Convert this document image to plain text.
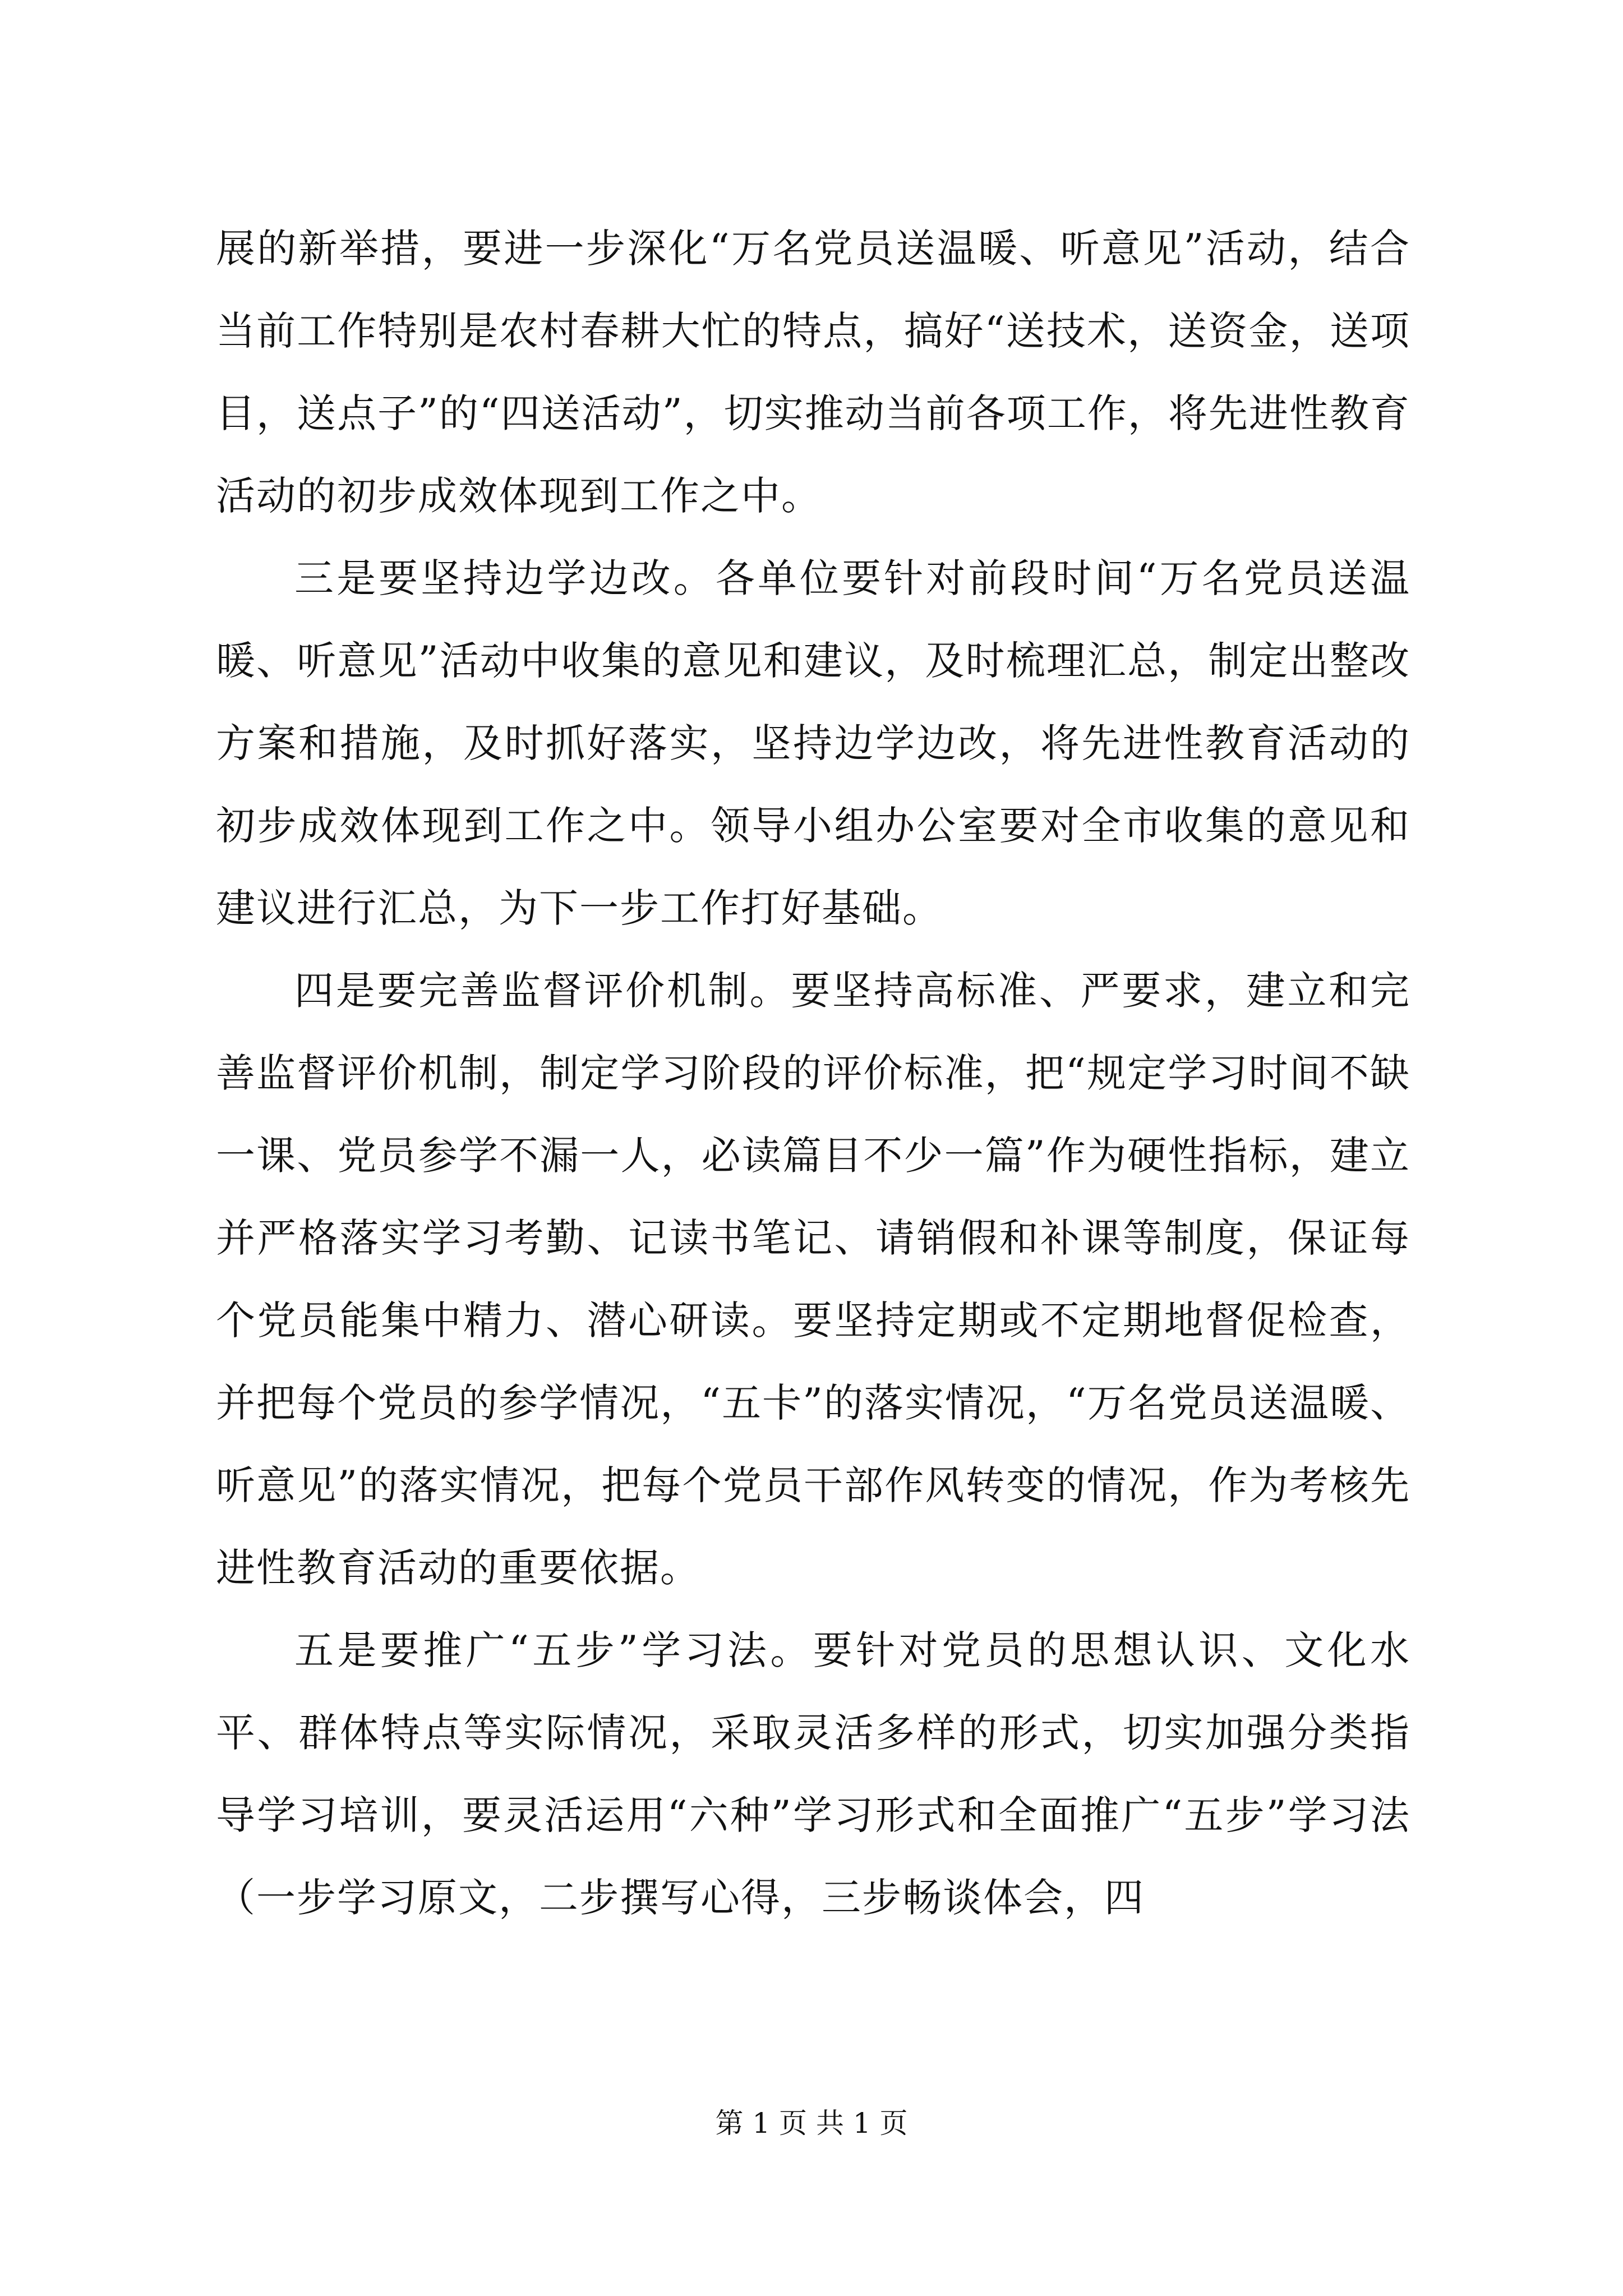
展的新举措，要进一步深化“万名党员送温暖、听意见”活动，结合当前工作特别是农村春耕大忙的特点，搞好“送技术，送资金，送项目，送点子”的“四送活动”，切实推动当前各项工作，将先进性教育活动的初步成效体现到工作之中。

三是要坚持边学边改。各单位要针对前段时间“万名党员送温暖、听意见”活动中收集的意见和建议，及时梳理汇总，制定出整改方案和措施，及时抓好落实，坚持边学边改，将先进性教育活动的初步成效体现到工作之中。领导小组办公室要对全市收集的意见和建议进行汇总，为下一步工作打好基础。

四是要完善监督评价机制。要坚持高标准、严要求，建立和完善监督评价机制，制定学习阶段的评价标准，把“规定学习时间不缺一课、党员参学不漏一人，必读篇目不少一篇”作为硬性指标，建立并严格落实学习考勤、记读书笔记、请销假和补课等制度，保证每个党员能集中精力、潜心研读。要坚持定期或不定期地督促检查，并把每个党员的参学情况，“五卡”的落实情况，“万名党员送温暖、听意见”的落实情况，把每个党员干部作风转变的情况，作为考核先进性教育活动的重要依据。

五是要推广“五步”学习法。要针对党员的思想认识、文化水平、群体特点等实际情况，采取灵活多样的形式，切实加强分类指导学习培训，要灵活运用“六种”学习形式和全面推广“五步”学习法（一步学习原文，二步撰写心得，三步畅谈体会，四

第 1 页 共 1 页
